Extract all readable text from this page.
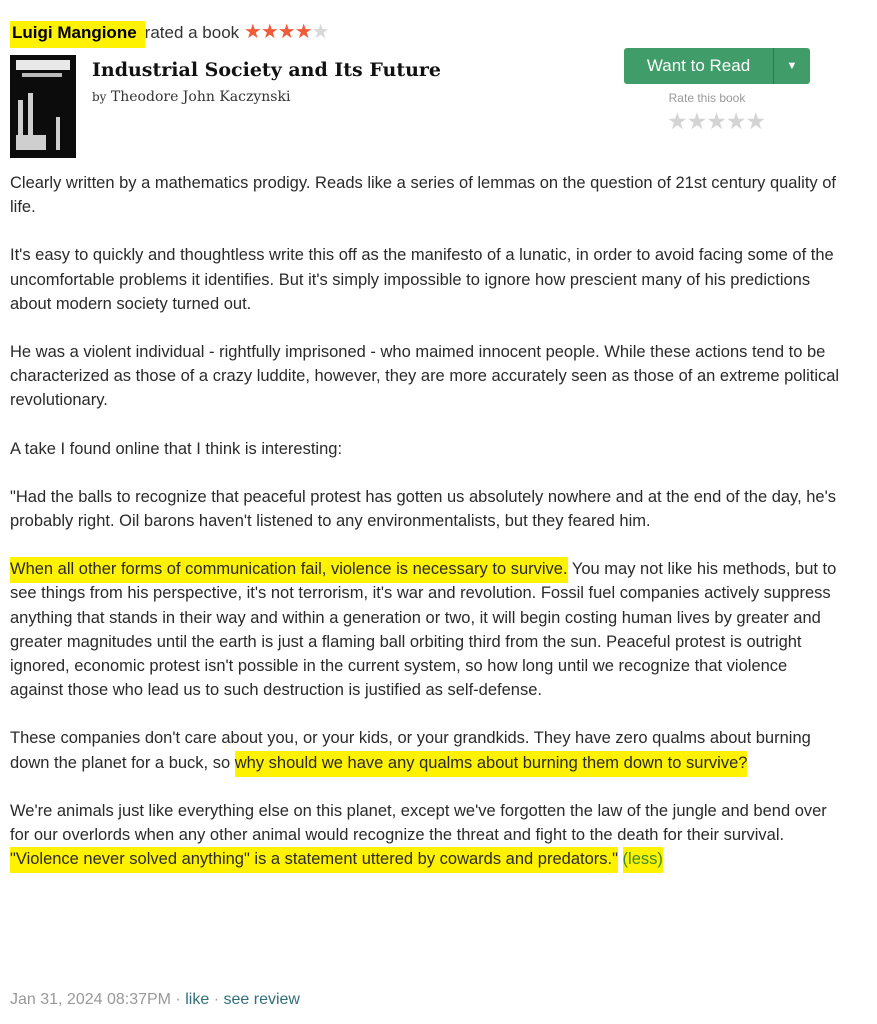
Luigi Mangione rated a book ★★★★★
Industrial Society and Its Future
by Theodore John Kaczynski
Want to Read	▼
Rate this book
★★★★★

Clearly written by a mathematics prodigy. Reads like a series of lemmas on the question of 21st century quality of life.

It's easy to quickly and thoughtless write this off as the manifesto of a lunatic, in order to avoid facing some of the uncomfortable problems it identifies. But it's simply impossible to ignore how prescient many of his predictions about modern society turned out.

He was a violent individual - rightfully imprisoned - who maimed innocent people. While these actions tend to be characterized as those of a crazy luddite, however, they are more accurately seen as those of an extreme political revolutionary.

A take I found online that I think is interesting:

"Had the balls to recognize that peaceful protest has gotten us absolutely nowhere and at the end of the day, he's probably right. Oil barons haven't listened to any environmentalists, but they feared him.

When all other forms of communication fail, violence is necessary to survive. You may not like his methods, but to see things from his perspective, it's not terrorism, it's war and revolution. Fossil fuel companies actively suppress anything that stands in their way and within a generation or two, it will begin costing human lives by greater and greater magnitudes until the earth is just a flaming ball orbiting third from the sun. Peaceful protest is outright ignored, economic protest isn't possible in the current system, so how long until we recognize that violence against those who lead us to such destruction is justified as self-defense.

These companies don't care about you, or your kids, or your grandkids. They have zero qualms about burning down the planet for a buck, so why should we have any qualms about burning them down to survive?

We're animals just like everything else on this planet, except we've forgotten the law of the jungle and bend over for our overlords when any other animal would recognize the threat and fight to the death for their survival. "Violence never solved anything" is a statement uttered by cowards and predators." (less)

Jan 31, 2024 08:37PM · like · see review
